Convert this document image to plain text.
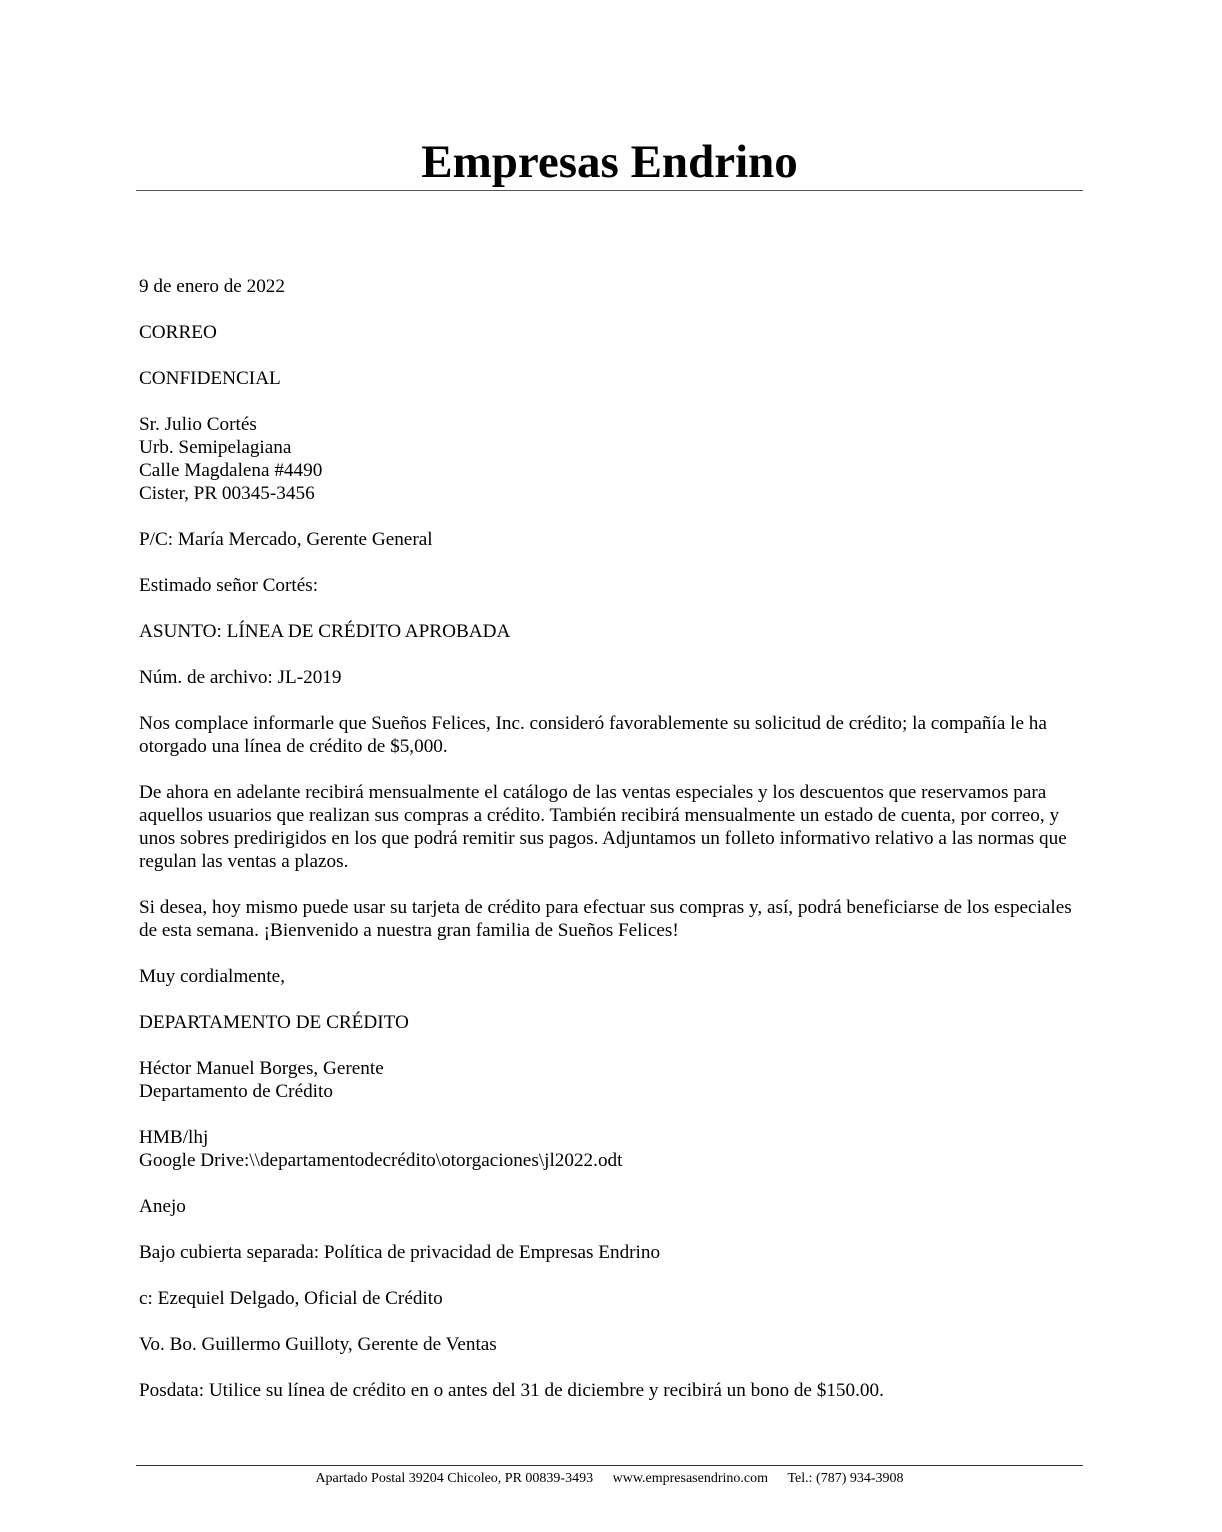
Empresas Endrino
9 de enero de 2022
CORREO
CONFIDENCIAL
Sr. Julio Cortés
Urb. Semipelagiana
Calle Magdalena #4490
Cister, PR 00345-3456
P/C: María Mercado, Gerente General
Estimado señor Cortés:
ASUNTO: LÍNEA DE CRÉDITO APROBADA
Núm. de archivo: JL-2019
Nos complace informarle que Sueños Felices, Inc. consideró favorablemente su solicitud de crédito; la compañía le ha otorgado una línea de crédito de $5,000.
De ahora en adelante recibirá mensualmente el catálogo de las ventas especiales y los descuentos que reservamos para aquellos usuarios que realizan sus compras a crédito. También recibirá mensualmente un estado de cuenta, por correo, y unos sobres predirigidos en los que podrá remitir sus pagos. Adjuntamos un folleto informativo relativo a las normas que regulan las ventas a plazos.
Si desea, hoy mismo puede usar su tarjeta de crédito para efectuar sus compras y, así, podrá beneficiarse de los especiales de esta semana. ¡Bienvenido a nuestra gran familia de Sueños Felices!
Muy cordialmente,
DEPARTAMENTO DE CRÉDITO
Héctor Manuel Borges, Gerente
Departamento de Crédito
HMB/lhj
Google Drive:\\departamentodecrédito\otorgaciones\jl2022.odt
Anejo
Bajo cubierta separada: Política de privacidad de Empresas Endrino
c: Ezequiel Delgado, Oficial de Crédito
Vo. Bo. Guillermo Guilloty, Gerente de Ventas
Posdata: Utilice su línea de crédito en o antes del 31 de diciembre y recibirá un bono de $150.00.
Apartado Postal 39204 Chicoleo, PR 00839-3493 www.empresasendrino.com Tel.: (787) 934-3908
